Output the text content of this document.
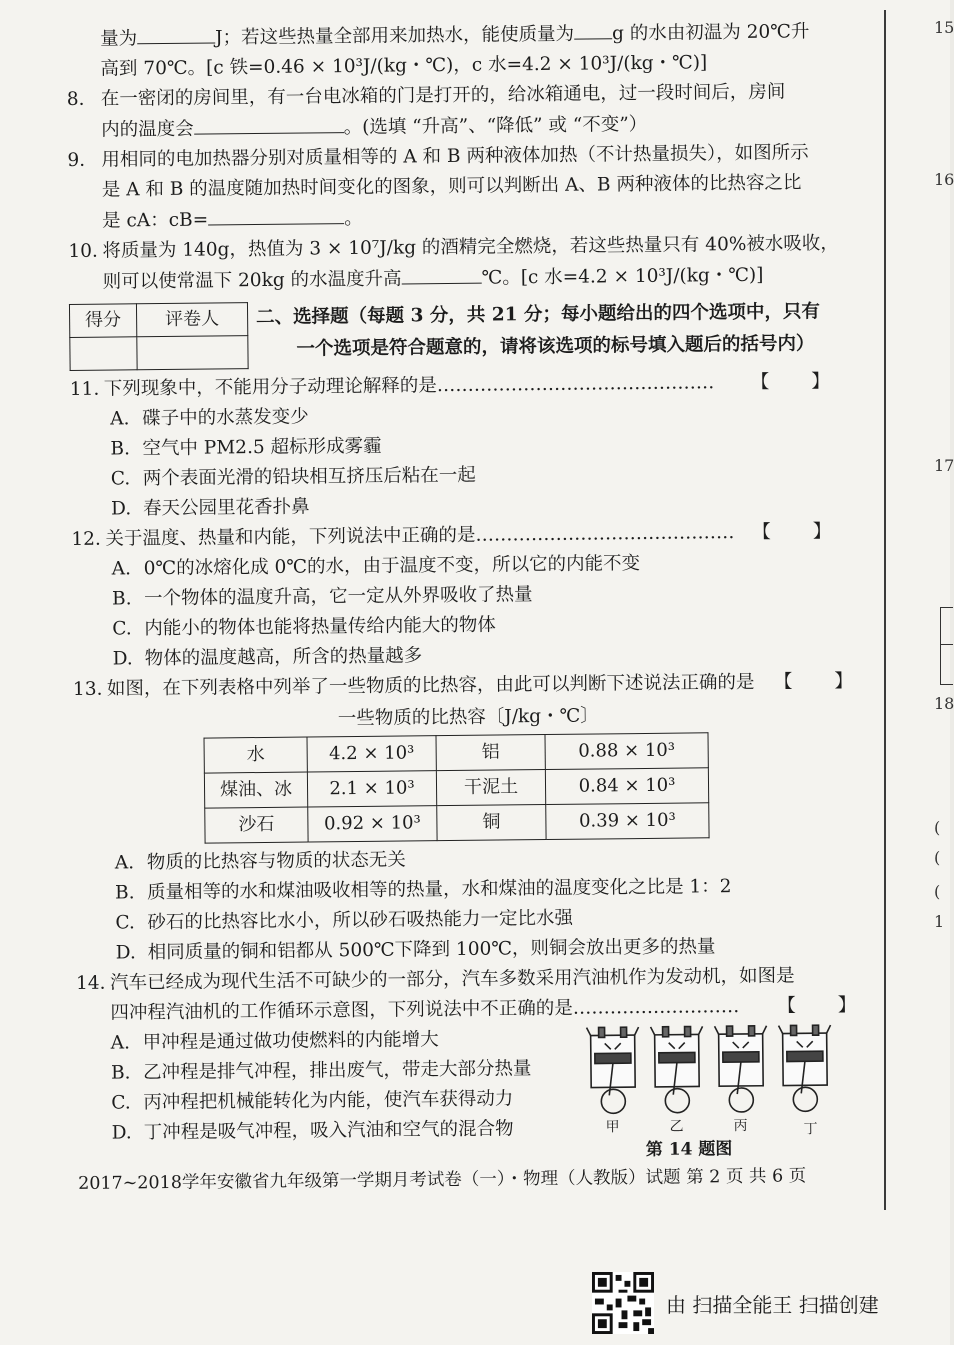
15
16
17
18
(
(
(
1
量为	J；若这些热量全部用来加热水，能使质量为 g 的水由初温为 20℃升
高到 70℃。[c 铁=0.46 × 10³J/(kg・℃)，c 水=4.2 × 10³J/(kg・℃)]
8. 在一密闭的房间里，有一台电冰箱的门是打开的，给冰箱通电，过一段时间后，房间
内的温度会	。(选填 “升高”、“降低” 或 “不变”）
9. 用相同的电加热器分别对质量相等的 A 和 B 两种液体加热（不计热量损失），如图所示
是 A 和 B 的温度随加热时间变化的图象，则可以判断出 A、B 两种液体的比热容之比
是 cA：cB=	。
10. 将质量为 140g，热值为 3 × 10⁷J/kg 的酒精完全燃烧，若这些热量只有 40%被水吸收，
则可以使常温下 20kg 的水温度升高	℃。[c 水=4.2 × 10³J/(kg・℃)]
得分	评卷人
	二、选择题（每题 3 分，共 21 分；每小题给出的四个选项中，只有
一个选项是符合题意的，请将该选项的标号填入题后的括号内）
11. 下列现象中，不能用分子动理论解释的是……………………………………… 【 】
A. 碟子中的水蒸发变少
B. 空气中 PM2.5 超标形成雾霾
C. 两个表面光滑的铅块相互挤压后粘在一起
D. 春天公园里花香扑鼻
12. 关于温度、热量和内能，下列说法中正确的是…………………………………… 【 】
A. 0℃的冰熔化成 0℃的水，由于温度不变，所以它的内能不变
B. 一个物体的温度升高，它一定从外界吸收了热量
C. 内能小的物体也能将热量传给内能大的物体
D. 物体的温度越高，所含的热量越多
13. 如图，在下列表格中列举了一些物质的比热容，由此可以判断下述说法正确的是 【 】
一些物质的比热容〔J/kg・℃〕
水	4.2 × 10³	铝	0.88 × 10³
煤油、冰	2.1 × 10³	干泥土	0.84 × 10³
沙石	0.92 × 10³	铜	0.39 × 10³
A. 物质的比热容与物质的状态无关
B. 质量相等的水和煤油吸收相等的热量，水和煤油的温度变化之比是 1：2
C. 砂石的比热容比水小，所以砂石吸热能力一定比水强
D. 相同质量的铜和铝都从 500℃下降到 100℃，则铜会放出更多的热量
14. 汽车已经成为现代生活不可缺少的一部分，汽车多数采用汽油机作为发动机，如图是
四冲程汽油机的工作循环示意图，下列说法中不正确的是……………………… 【 】
A. 甲冲程是通过做功使燃料的内能增大
B. 乙冲程是排气冲程，排出废气，带走大部分热量
C. 丙冲程把机械能转化为内能，使汽车获得动力
D. 丁冲程是吸气冲程，吸入汽油和空气的混合物	甲	乙	丙	丁
第 14 题图
2017~2018学年安徽省九年级第一学期月考试卷（一）・物理（人教版）试题 第 2 页 共 6 页
由 扫描全能王 扫描创建
